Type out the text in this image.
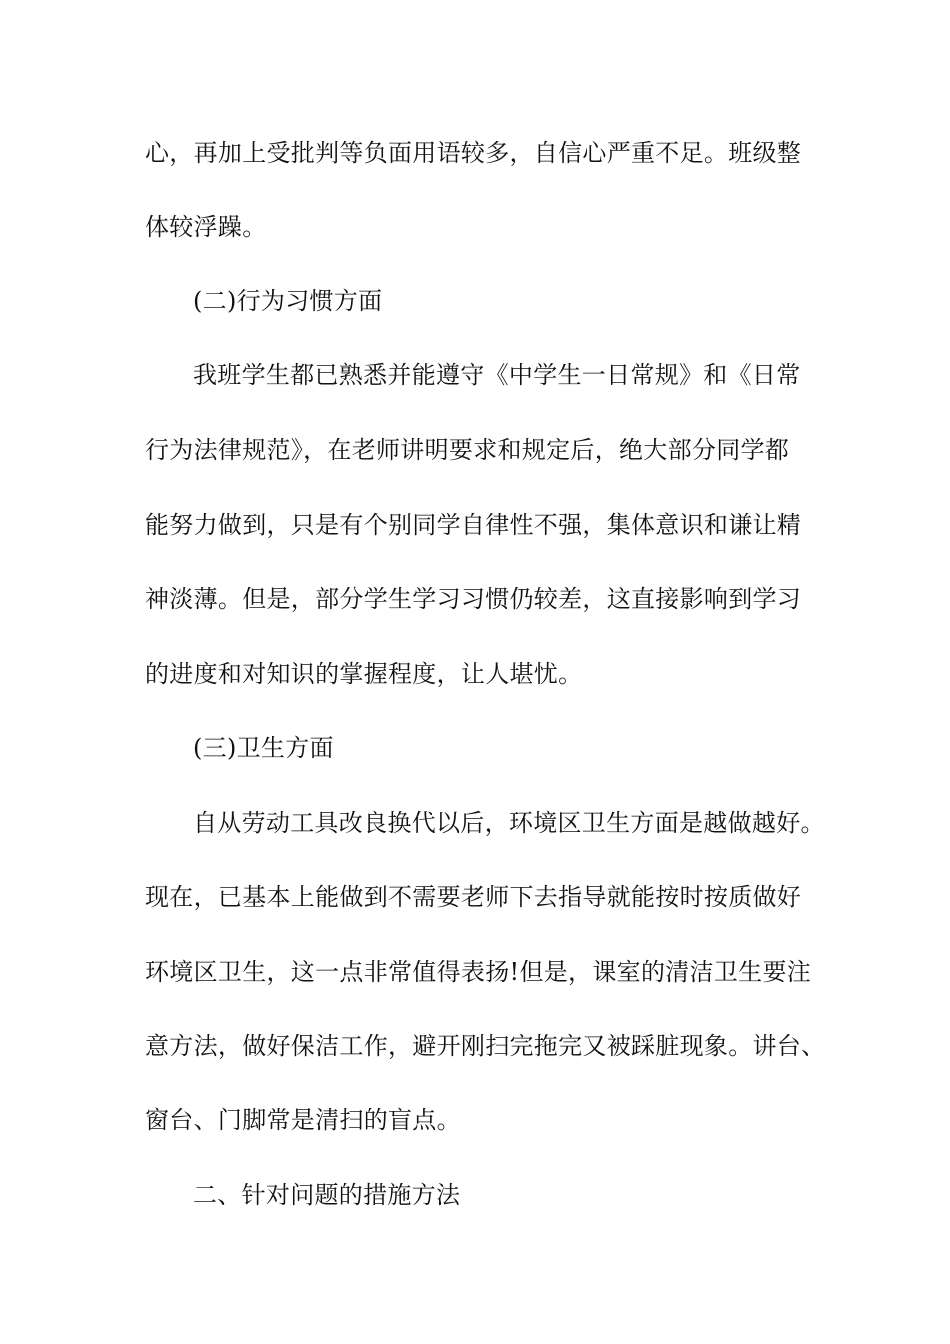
心，再加上受批判等负面用语较多，自信心严重不足。班级整
体较浮躁。
(二)行为习惯方面
我班学生都已熟悉并能遵守《中学生一日常规》和《日常
行为法律规范》，在老师讲明要求和规定后，绝大部分同学都
能努力做到，只是有个别同学自律性不强，集体意识和谦让精
神淡薄。但是，部分学生学习习惯仍较差，这直接影响到学习
的进度和对知识的掌握程度，让人堪忧。
(三)卫生方面
自从劳动工具改良换代以后，环境区卫生方面是越做越好。
现在，已基本上能做到不需要老师下去指导就能按时按质做好
环境区卫生，这一点非常值得表扬!但是，课室的清洁卫生要注
意方法，做好保洁工作，避开刚扫完拖完又被踩脏现象。讲台、
窗台、门脚常是清扫的盲点。
二、针对问题的措施方法
